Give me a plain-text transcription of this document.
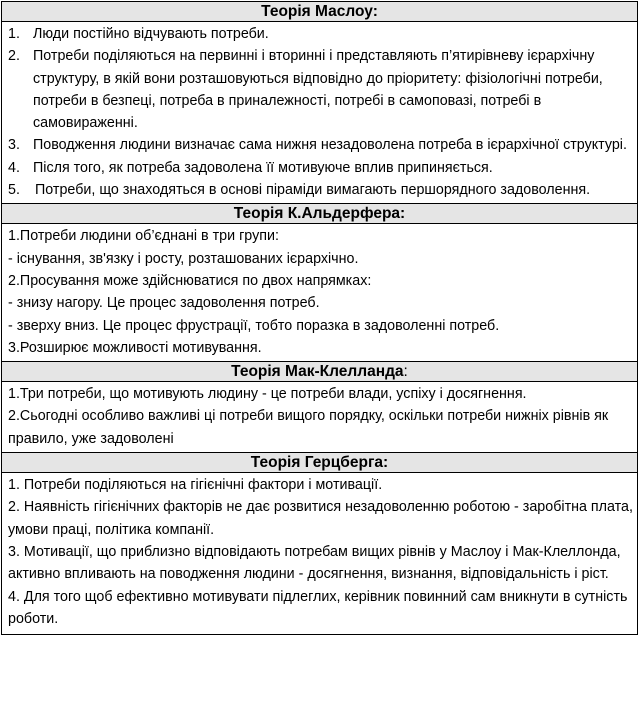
Теорія Маслоу:
1. Люди постійно відчувають потреби.
2. Потреби поділяються на первинні і вторинні і представляють п’ятирівневу ієрархічну структуру, в якій вони розташовуються відповідно до пріоритету: фізіологічні потреби, потреби в безпеці, потреба в приналежності, потребі в самоповазі, потребі в самовираженні.
3. Поводження людини визначає сама нижня незадоволена потреба в ієрархічної структурі.
4. Після того, як потреба задоволена її мотивуюче вплив припиняється.
5.	Потреби, що знаходяться в основі піраміди вимагають першорядного задоволення.
Теорія К.Альдерфера:
1.Потреби людини об’єднані в три групи:
- існування, зв'язку і росту, розташованих ієрархічно.
2.Просування може здійснюватися по двох напрямках:
- знизу нагору. Це процес задоволення потреб.
- зверху вниз. Це процес фрустрації, тобто поразка в задоволенні потреб.
3.Розширює можливості мотивування.
Теорія Мак-Клелланда:
1.Три потреби, що мотивують людину - це потреби влади, успіху і досягнення.
2.Сьогодні особливо важливі ці потреби вищого порядку, оскільки потреби нижніх рівнів як правило, уже задоволені
Теорія Герцберга:
1. Потреби поділяються на гігієнічні фактори і мотивації.
2. Наявність гігієнічних факторів не дає розвитися незадоволенню роботою - заробітна плата, умови праці, політика компанії.
3. Мотивації, що приблизно відповідають потребам вищих рівнів у Маслоу і Мак-Клеллонда, активно впливають на поводження людини - досягнення, визнання, відповідальність і ріст.
4. Для того щоб ефективно мотивувати підлеглих, керівник повинний сам вникнути в сутність роботи.
